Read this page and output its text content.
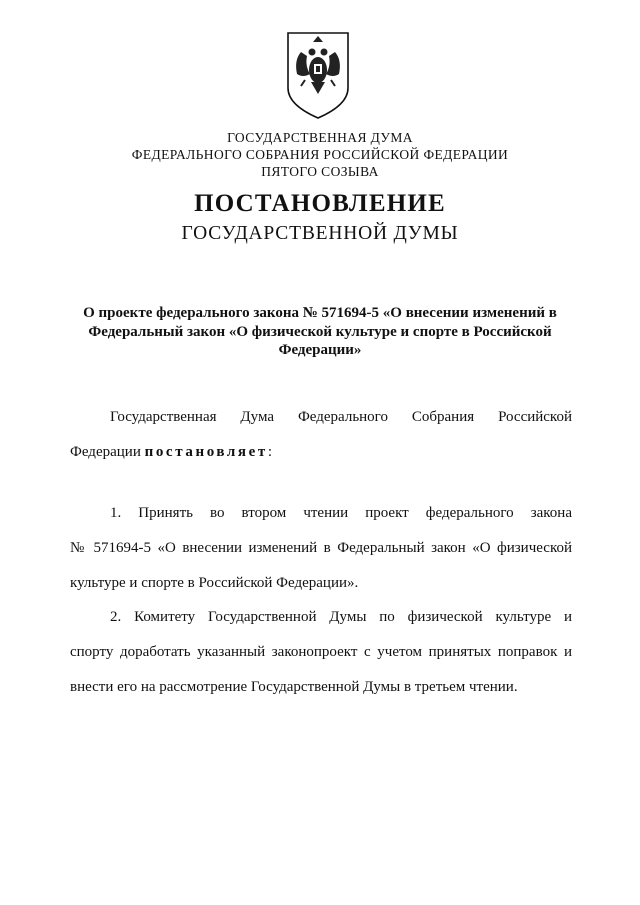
ГОСУДАРСТВЕННАЯ ДУМА
ФЕДЕРАЛЬНОГО СОБРАНИЯ РОССИЙСКОЙ ФЕДЕРАЦИИ
ПЯТОГО СОЗЫВА
ПОСТАНОВЛЕНИЕ
ГОСУДАРСТВЕННОЙ ДУМЫ
О проекте федерального закона № 571694-5 «О внесении изменений в
Федеральный закон «О физической культуре и спорте в Российской
Федерации»
Государственная Дума Федерального Собрания Российской
Федерации постановляет:
1. Принять во втором чтении проект федерального закона
№ 571694-5 «О внесении изменений в Федеральный закон «О физической
культуре и спорте в Российской Федерации».
2. Комитету Государственной Думы по физической культуре и
спорту доработать указанный законопроект с учетом принятых поправок и
внести его на рассмотрение Государственной Думы в третьем чтении.
